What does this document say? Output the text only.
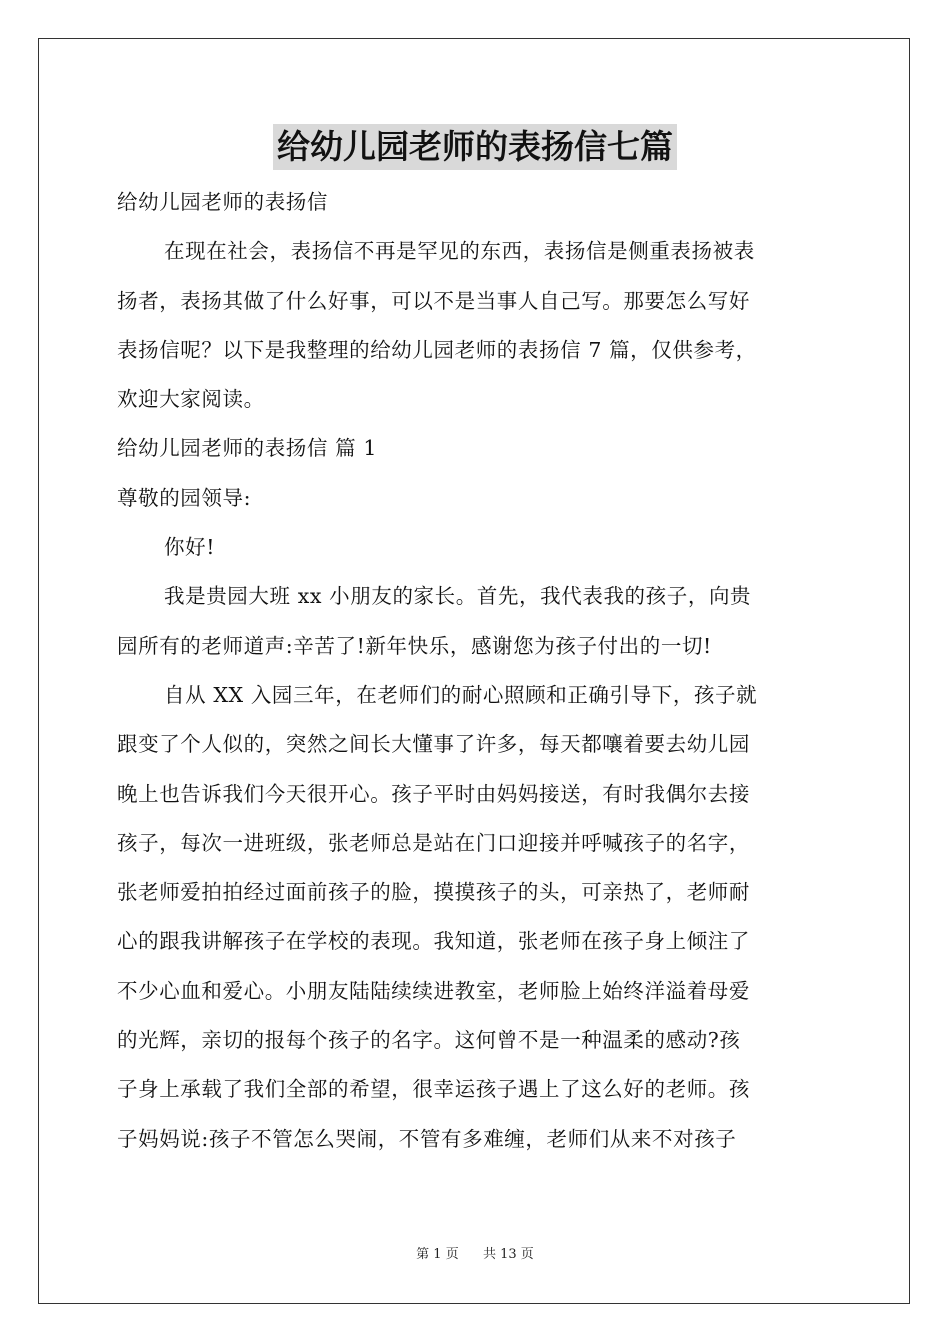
给幼儿园老师的表扬信七篇

给幼儿园老师的表扬信

在现在社会，表扬信不再是罕见的东西，表扬信是侧重表扬被表

扬者，表扬其做了什么好事，可以不是当事人自己写。那要怎么写好

表扬信呢？以下是我整理的给幼儿园老师的表扬信 7 篇，仅供参考，

欢迎大家阅读。

给幼儿园老师的表扬信 篇 1

尊敬的园领导:

你好!

我是贵园大班 xx 小朋友的家长。首先，我代表我的孩子，向贵

园所有的老师道声:辛苦了!新年快乐，感谢您为孩子付出的一切!

自从 XX 入园三年，在老师们的耐心照顾和正确引导下，孩子就

跟变了个人似的，突然之间长大懂事了许多，每天都嚷着要去幼儿园

晚上也告诉我们今天很开心。孩子平时由妈妈接送，有时我偶尔去接

孩子，每次一进班级，张老师总是站在门口迎接并呼喊孩子的名字，

张老师爱拍拍经过面前孩子的脸，摸摸孩子的头，可亲热了，老师耐

心的跟我讲解孩子在学校的表现。我知道，张老师在孩子身上倾注了

不少心血和爱心。小朋友陆陆续续进教室，老师脸上始终洋溢着母爱

的光辉，亲切的报每个孩子的名字。这何曾不是一种温柔的感动?孩

子身上承载了我们全部的希望，很幸运孩子遇上了这么好的老师。孩

子妈妈说:孩子不管怎么哭闹，不管有多难缠，老师们从来不对孩子

第 1 页 共 13 页
